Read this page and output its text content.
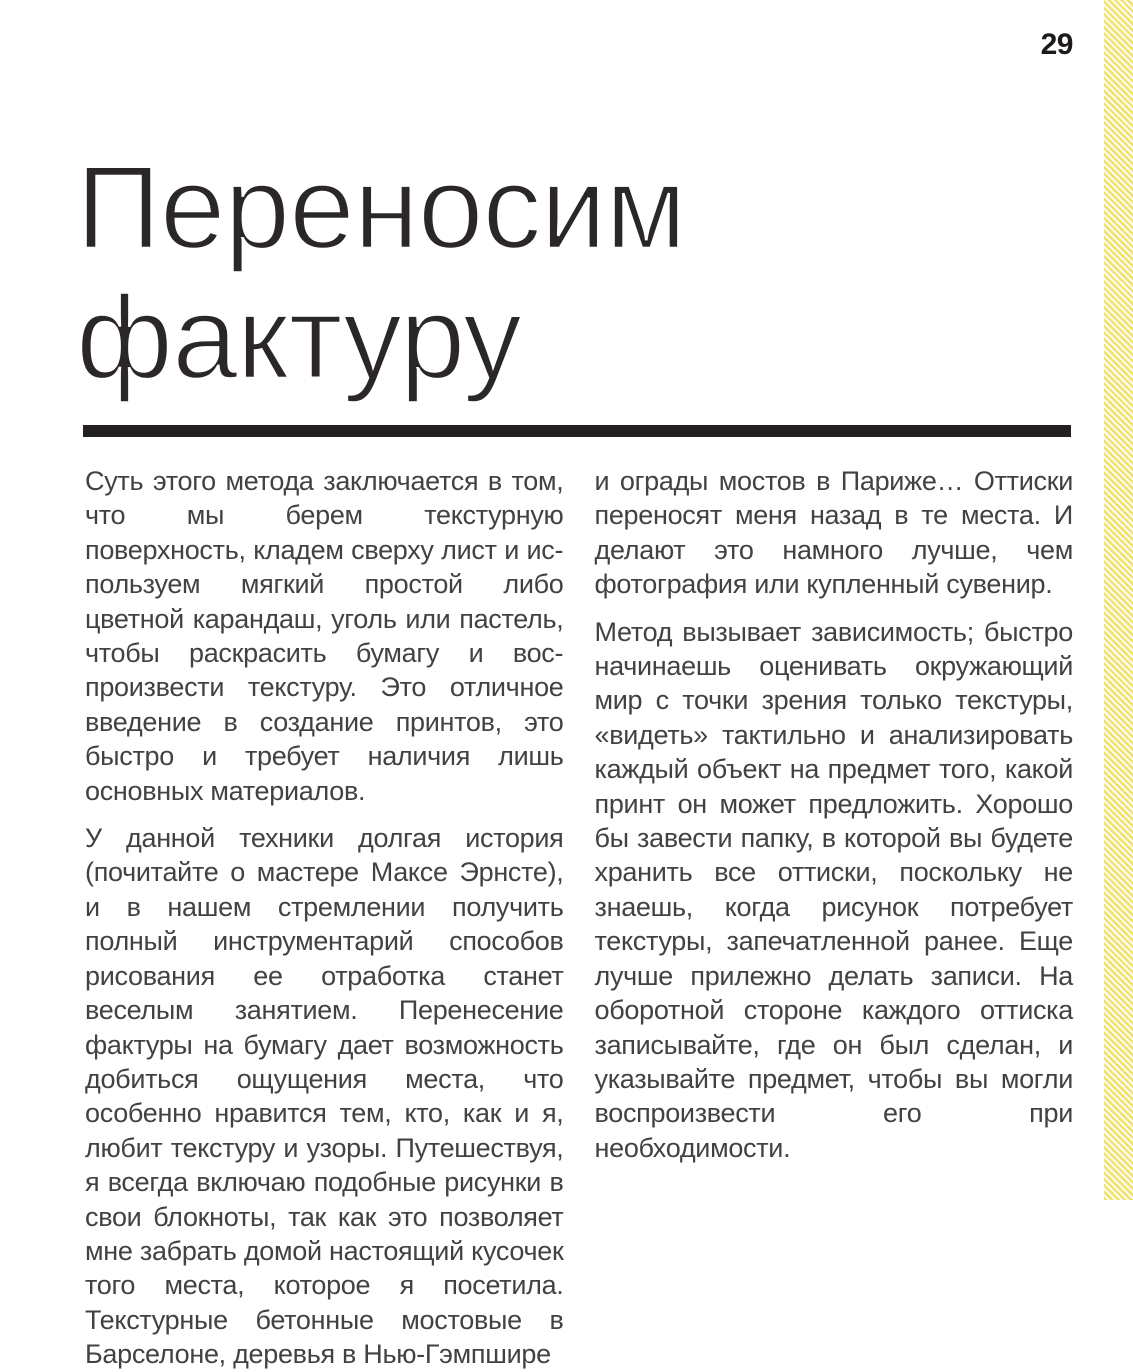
29
Переносим
фактуру

Суть этого метода заключается в том, что мы берем текстурную поверхность, кладем сверху лист и используем мягкий простой либо цветной карандаш, уголь или пастель, чтобы раскрасить бумагу и воспроизвести текстуру. Это отличное введение в создание принтов, это быстро и требует наличия лишь основных материалов.

У данной техники долгая история (почитайте о мастере Максе Эрнсте), и в нашем стремлении получить полный инструментарий способов рисования ее отработка станет веселым занятием. Перенесение фактуры на бумагу дает возможность добиться ощущения места, что особенно нравится тем, кто, как и я, любит текстуру и узоры. Путешествуя, я всегда включаю подобные рисунки в свои блокноты, так как это позволяет мне забрать домой настоящий кусочек того места, которое я посетила. Текстурные бетонные мостовые в Барселоне, деревья в Нью-Гэмпшире

и ограды мостов в Париже… Оттиски переносят меня назад в те места. И делают это намного лучше, чем фотография или купленный сувенир.

Метод вызывает зависимость; быстро начинаешь оценивать окружающий мир с точки зрения только текстуры, «видеть» тактильно и анализировать каждый объект на предмет того, какой принт он может предложить. Хорошо бы завести папку, в которой вы будете хранить все оттиски, поскольку не знаешь, когда рисунок потребует текстуры, запечатленной ранее. Еще лучше прилежно делать записи. На оборотной стороне каждого оттиска записывайте, где он был сделан, и указывайте предмет, чтобы вы могли воспроизвести его при необходимости.
